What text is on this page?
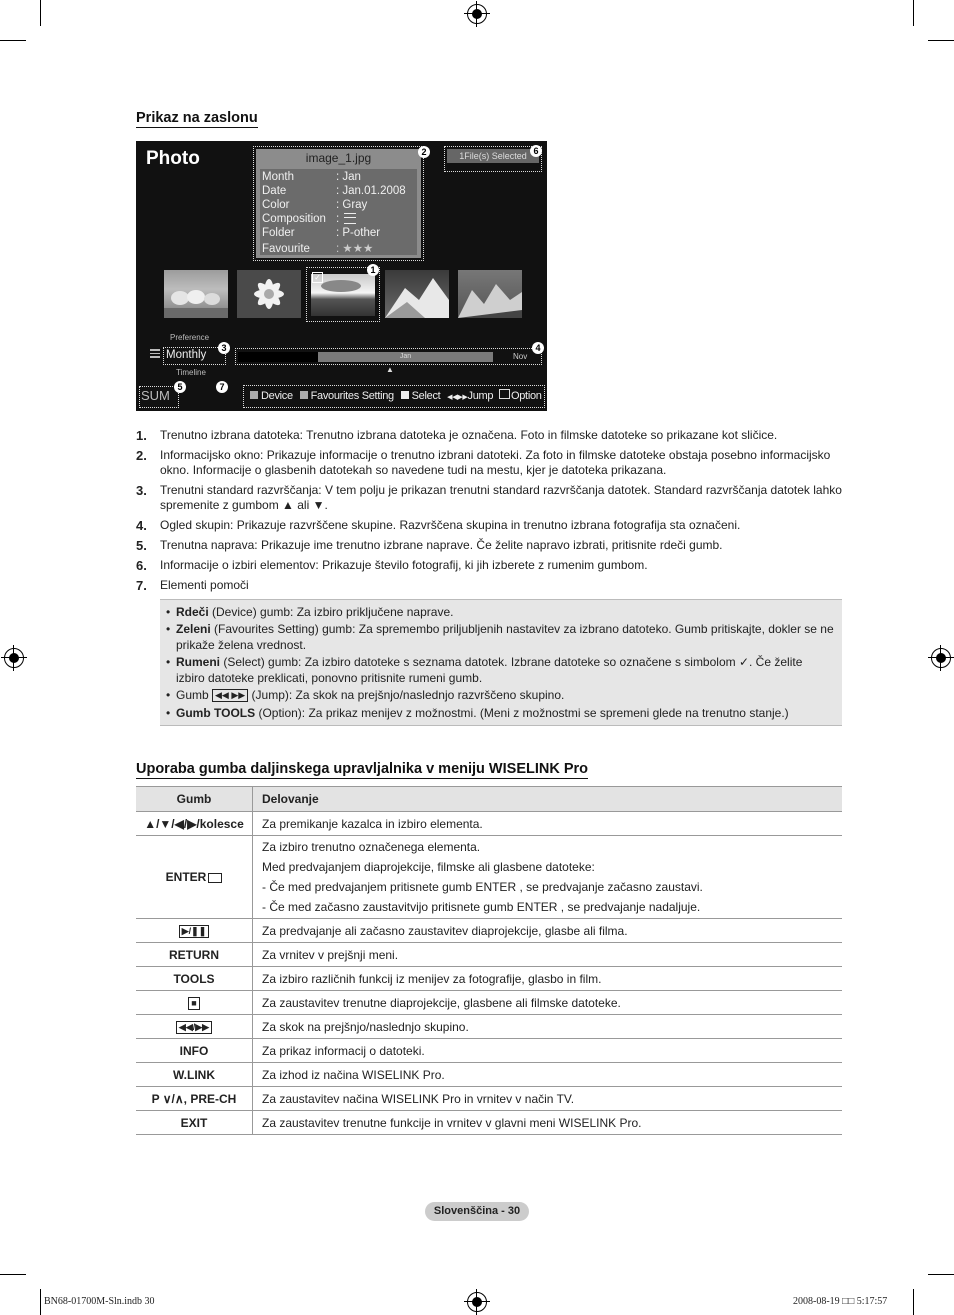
Prikaz na zaslonu
Photo	image_1.jpg
Month	: Jan
Date	: Jan.01.2008
Color	: Gray
Composition :
Folder	: P-other
Favourite : ★★★
2	1File(s) Selected 6
✓
1
Preference
Monthly
3
Timeline
Jan	Nov
▲
4
SUM
5
Device Favourites Setting Select ◀◀▶▶Jump Option
7
1. Trenutno izbrana datoteka: Trenutno izbrana datoteka je označena. Foto in filmske datoteke so prikazane kot sličice.
2. Informacijsko okno: Prikazuje informacije o trenutno izbrani datoteki. Za foto in filmske datoteke obstaja posebno informacijsko okno. Informacije o glasbenih datotekah so navedene tudi na mestu, kjer je datoteka prikazana.
3. Trenutni standard razvrščanja: V tem polju je prikazan trenutni standard razvrščanja datotek. Standard razvrščanja datotek lahko spremenite z gumbom ▲ ali ▼.
4. Ogled skupin: Prikazuje razvrščene skupine. Razvrščena skupina in trenutno izbrana fotografija sta označeni.
5. Trenutna naprava: Prikazuje ime trenutno izbrane naprave. Če želite napravo izbrati, pritisnite rdeči gumb.
6. Informacije o izbiri elementov: Prikazuje število fotografij, ki jih izberete z rumenim gumbom.
7. Elementi pomoči
• Rdeči (Device) gumb: Za izbiro priključene naprave.
• Zeleni (Favourites Setting) gumb: Za spremembo priljubljenih nastavitev za izbrano datoteko. Gumb pritiskajte, dokler se ne prikaže želena vrednost.
• Rumeni (Select) gumb: Za izbiro datoteke s seznama datotek. Izbrane datoteke so označene s simbolom ✓. Če želite izbiro datoteke preklicati, ponovno pritisnite rumeni gumb.
• Gumb ◀◀ ▶▶ (Jump): Za skok na prejšnjo/naslednjo razvrščeno skupino.
• Gumb TOOLS (Option): Za prikaz menijev z možnostmi. (Meni z možnostmi se spremeni glede na trenutno stanje.)
Uporaba gumba daljinskega upravljalnika v meniju WISELINK Pro
Gumb	Delovanje
▲/▼/◀/▶/kolesce	Za premikanje kazalca in izbiro elementa.
ENTER	Za izbiro trenutno označenega elementa.
Med predvajanjem diaprojekcije, filmske ali glasbene datoteke:
- Če med predvajanjem pritisnete gumb ENTER , se predvajanje začasno zaustavi.
- Če med začasno zaustavitvijo pritisnete gumb ENTER , se predvajanje nadaljuje.

▶/❚❚	Za predvajanje ali začasno zaustavitev diaprojekcije, glasbe ali filma.
RETURN	Za vrnitev v prejšnji meni.
TOOLS	Za izbiro različnih funkcij iz menijev za fotografije, glasbo in film.
■	Za zaustavitev trenutne diaprojekcije, glasbene ali filmske datoteke.
◀◀/▶▶	Za skok na prejšnjo/naslednjo skupino.
INFO	Za prikaz informacij o datoteki.
W.LINK	Za izhod iz načina WISELINK Pro.
P ∨/∧, PRE-CH	Za zaustavitev načina WISELINK Pro in vrnitev v način TV.
EXIT	Za zaustavitev trenutne funkcije in vrnitev v glavni meni WISELINK Pro.
Slovenščina - 30
BN68-01700M-Sln.indb 30	2008-08-19 □□ 5:17:57
